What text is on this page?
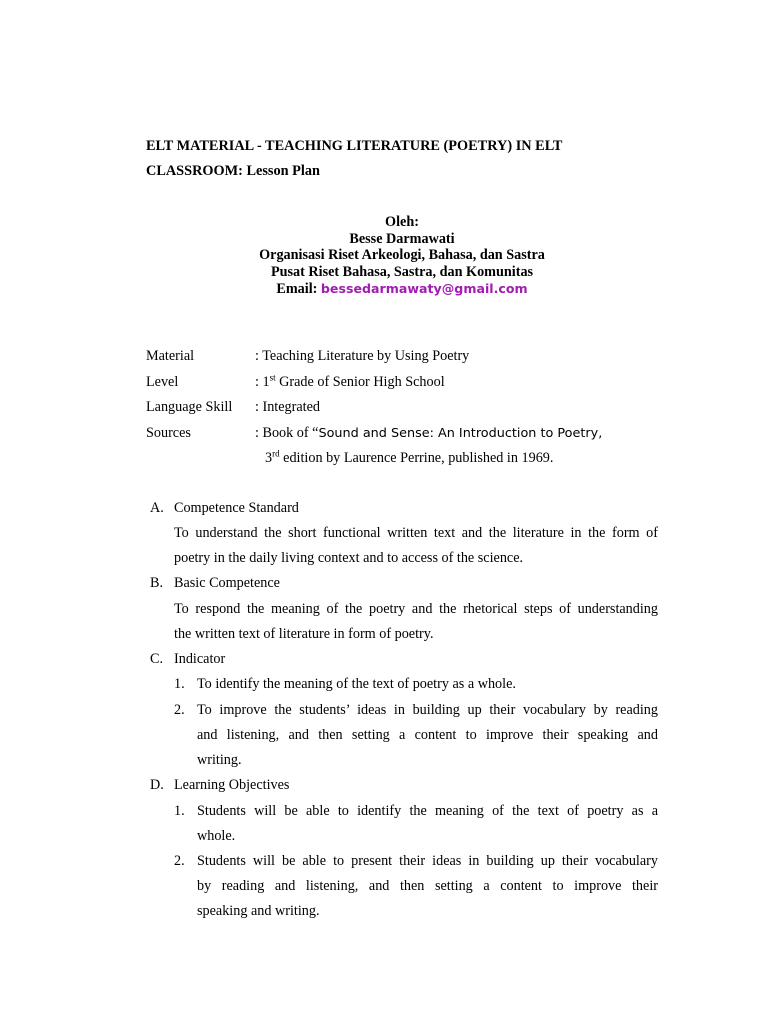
ELT MATERIAL - TEACHING LITERATURE (POETRY) IN ELT
CLASSROOM: Lesson Plan
Oleh:
Besse Darmawati
Organisasi Riset Arkeologi, Bahasa, dan Sastra
Pusat Riset Bahasa, Sastra, dan Komunitas
Email: bessedarmawaty@gmail.com
Material	: Teaching Literature by Using Poetry
Level	: 1st Grade of Senior High School
Language Skill : Integrated
Sources	: Book of “Sound and Sense: An Introduction to Poetry,
3rd edition by Laurence Perrine, published in 1969.
A. Competence Standard
To understand the short functional written text and the literature in the form of
poetry in the daily living context and to access of the science.
B. Basic Competence
To respond the meaning of the poetry and the rhetorical steps of understanding
the written text of literature in form of poetry.
C. Indicator
1. To identify the meaning of the text of poetry as a whole.
2. To improve the students’ ideas in building up their vocabulary by reading
and listening, and then setting a content to improve their speaking and
writing.
D. Learning Objectives
1. Students will be able to identify the meaning of the text of poetry as a
whole.
2. Students will be able to present their ideas in building up their vocabulary
by reading and listening, and then setting a content to improve their
speaking and writing.
